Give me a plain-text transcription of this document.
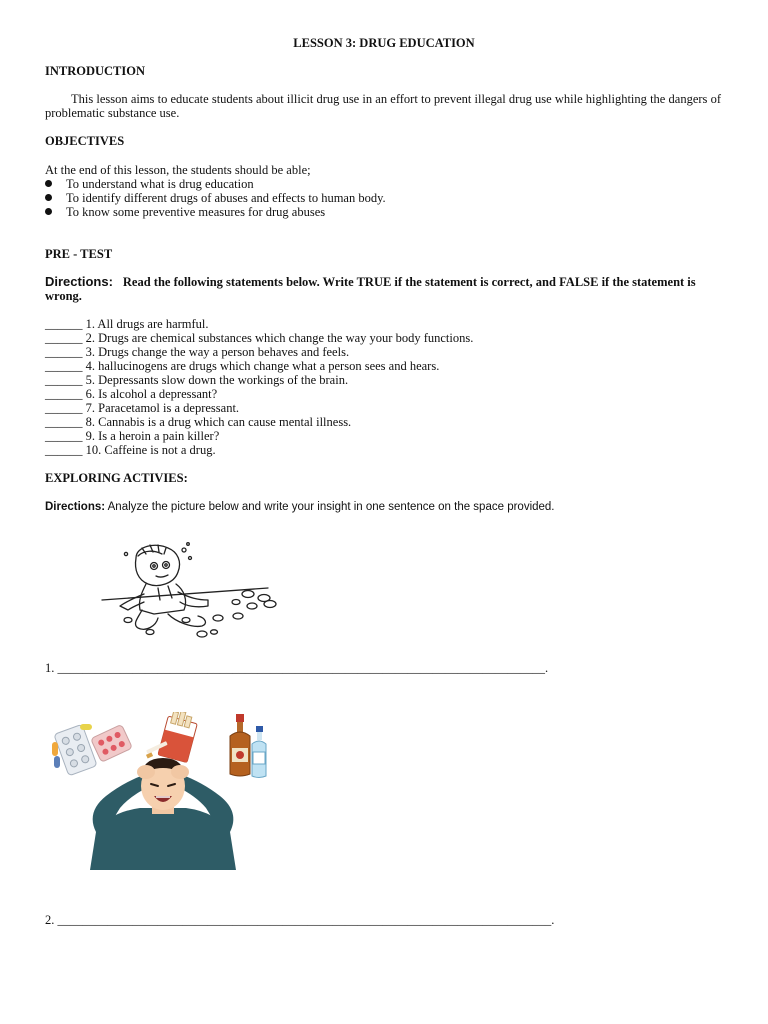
LESSON 3: DRUG EDUCATION
INTRODUCTION
This lesson aims to educate students about illicit drug use in an effort to prevent illegal drug use while highlighting the dangers of problematic substance use.
OBJECTIVES
At the end of this lesson, the students should be able;
To understand what is drug education
To identify different drugs of abuses and effects to human body.
To know some preventive measures for drug abuses
PRE - TEST
Directions: Read the following statements below. Write TRUE if the statement is correct, and FALSE if the statement is wrong.
______ 1. All drugs are harmful.
______ 2. Drugs are chemical substances which change the way your body functions.
______ 3. Drugs change the way a person behaves and feels.
______ 4. hallucinogens are drugs which change what a person sees and hears.
______ 5. Depressants slow down the workings of the brain.
______ 6. Is alcohol a depressant?
______ 7. Paracetamol is a depressant.
______ 8. Cannabis is a drug which can cause mental illness.
______ 9. Is a heroin a pain killer?
______ 10. Caffeine is not a drug.
EXPLORING ACTIVIES:
Directions: Analyze the picture below and write your insight in one sentence on the space provided.
1. ______________________________________________________________________________.
2. _______________________________________________________________________________.
